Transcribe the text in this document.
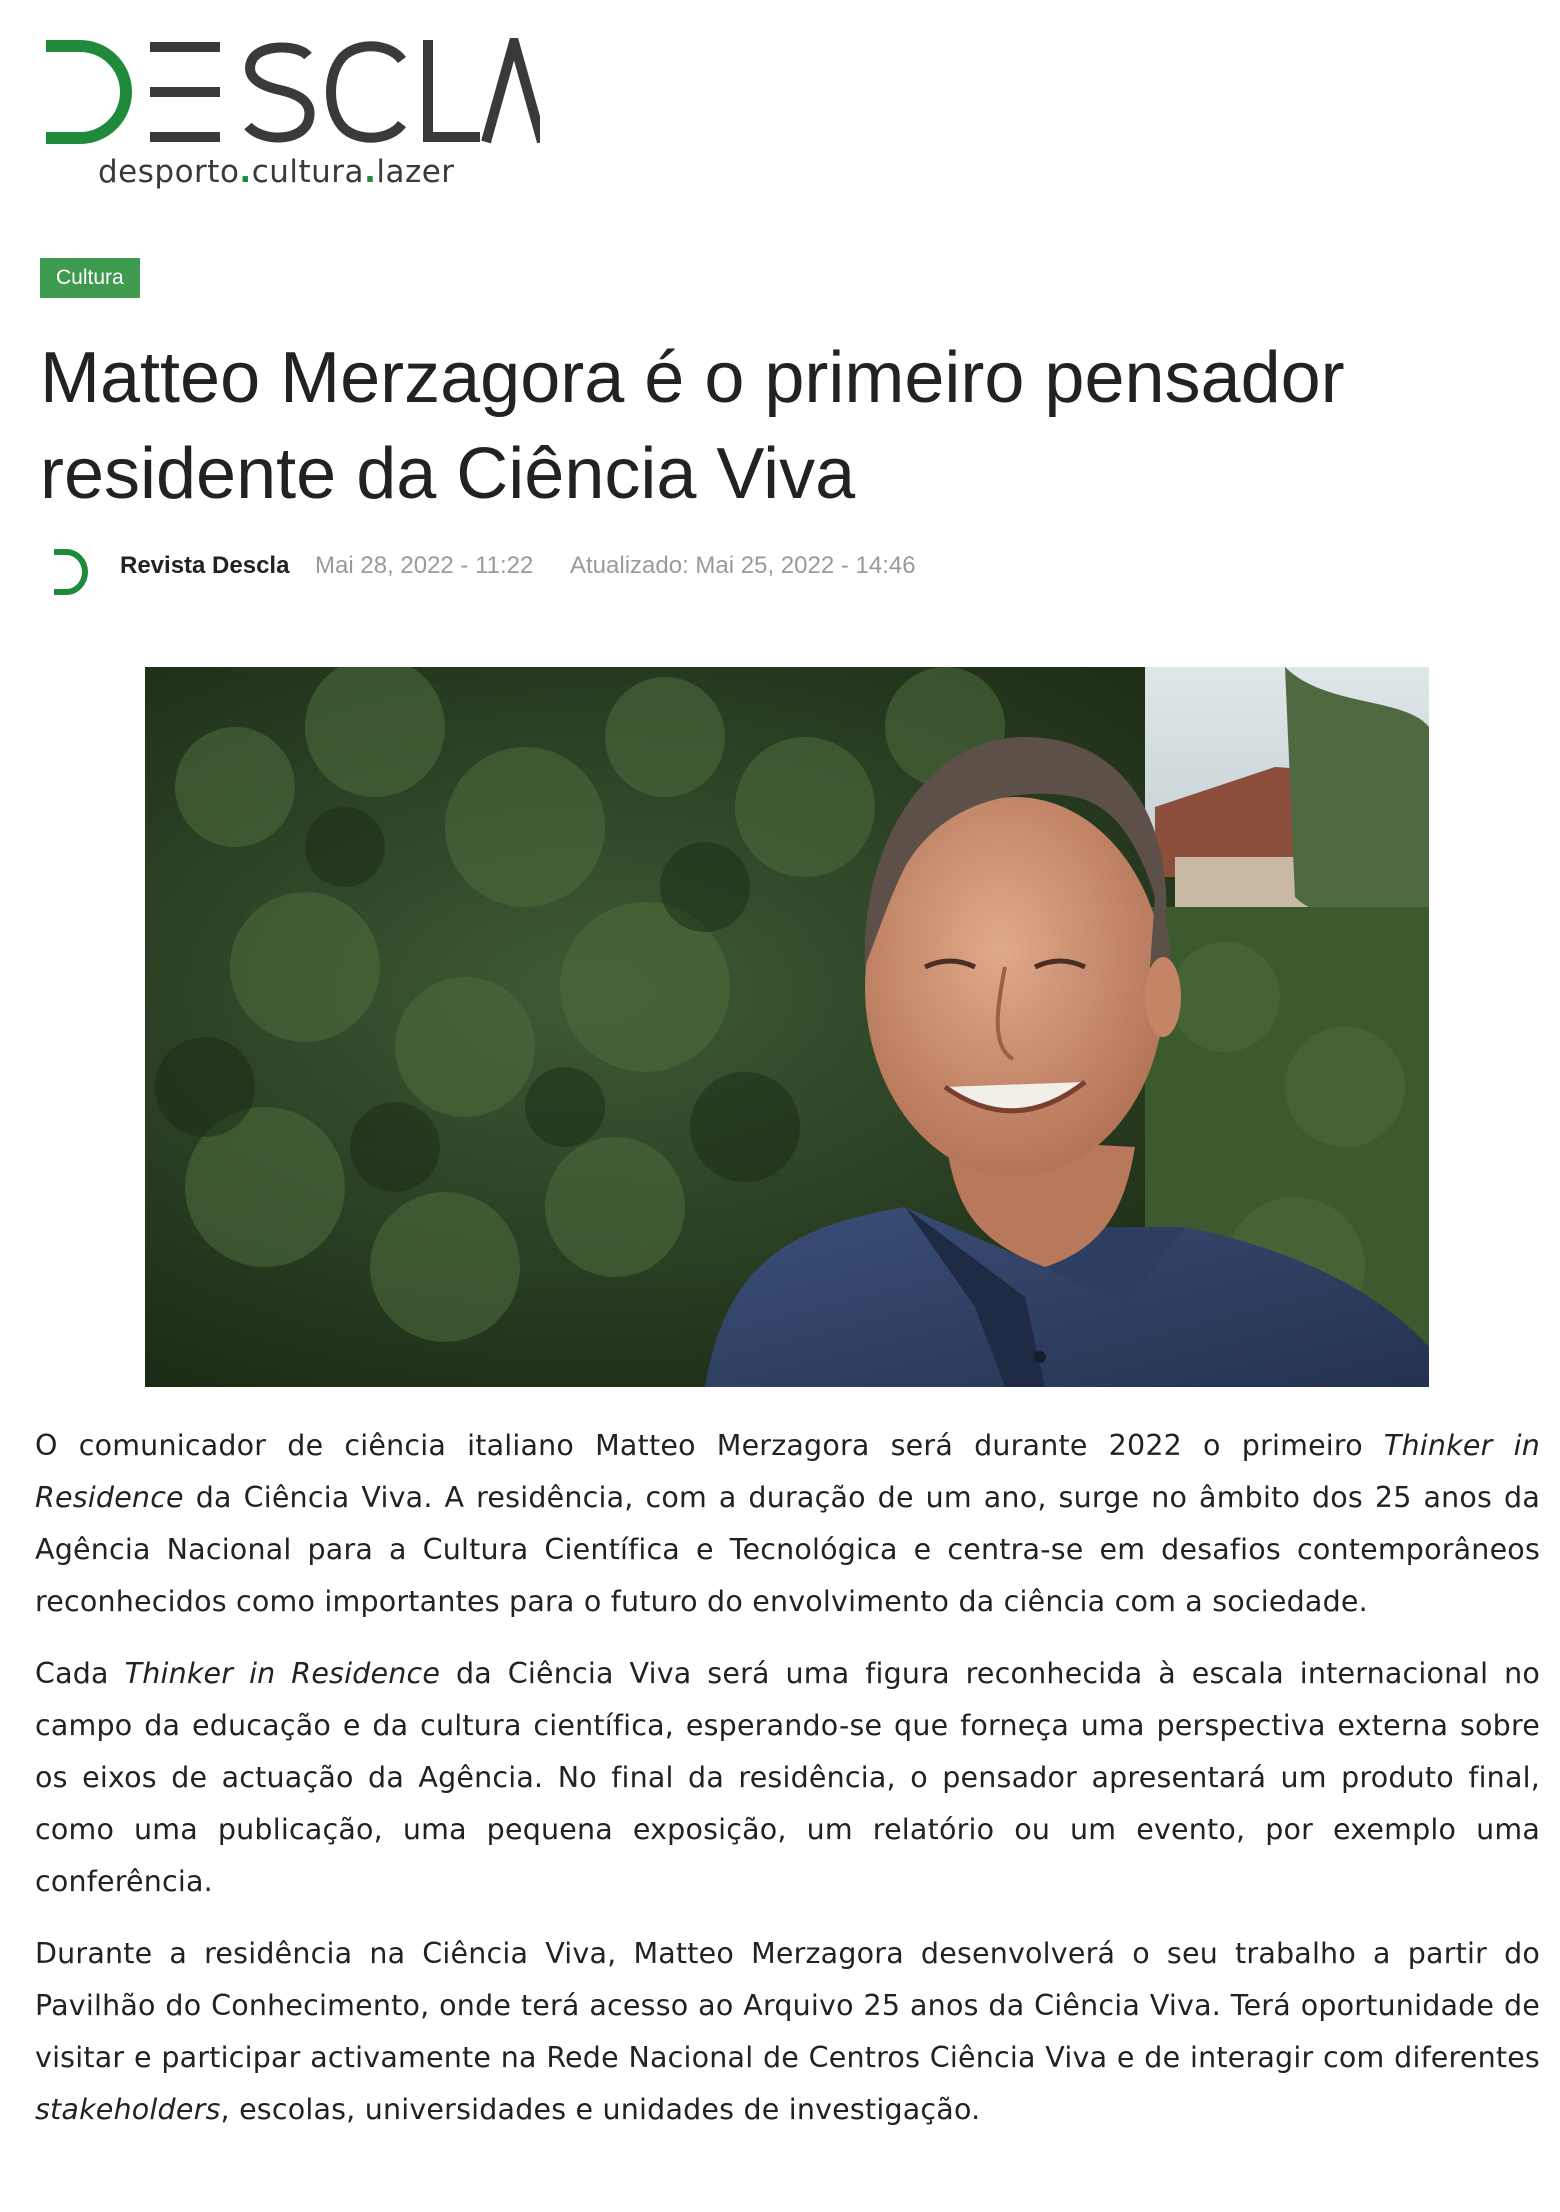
desporto.cultura.lazer
Cultura
Matteo Merzagora é o primeiro pensador residente da Ciência Viva
Revista Descla Mai 28, 2022 - 11:22 Atualizado: Mai 25, 2022 - 14:46

O comunicador de ciência italiano Matteo Merzagora será durante 2022 o primeiro Thinker in Residence da Ciência Viva. A residência, com a duração de um ano, surge no âmbito dos 25 anos da Agência Nacional para a Cultura Científica e Tecnológica e centra-se em desafios contemporâneos reconhecidos como importantes para o futuro do envolvimento da ciência com a sociedade.

Cada Thinker in Residence da Ciência Viva será uma figura reconhecida à escala internacional no campo da educação e da cultura científica, esperando-se que forneça uma perspectiva externa sobre os eixos de actuação da Agência. No final da residência, o pensador apresentará um produto final, como uma publicação, uma pequena exposição, um relatório ou um evento, por exemplo uma conferência.

Durante a residência na Ciência Viva, Matteo Merzagora desenvolverá o seu trabalho a partir do Pavilhão do Conhecimento, onde terá acesso ao Arquivo 25 anos da Ciência Viva. Terá oportunidade de visitar e participar activamente na Rede Nacional de Centros Ciência Viva e de interagir com diferentes stakeholders, escolas, universidades e unidades de investigação.
